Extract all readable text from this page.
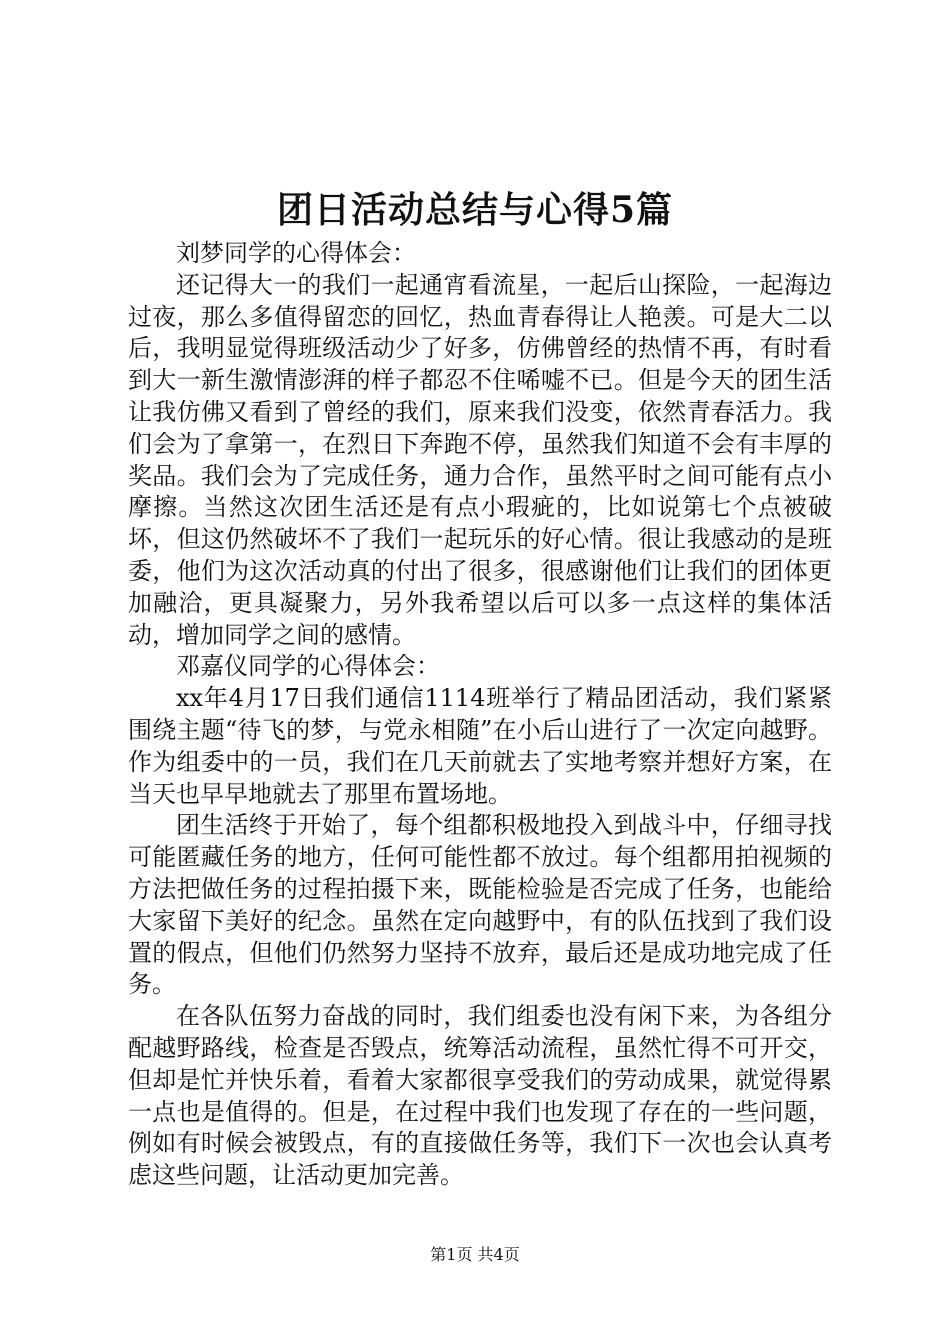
团日活动总结与心得5篇

刘梦同学的心得体会：

还记得大一的我们一起通宵看流星，一起后山探险，一起海边过夜，那么多值得留恋的回忆，热血青春得让人艳羡。可是大二以后，我明显觉得班级活动少了好多，仿佛曾经的热情不再，有时看到大一新生激情澎湃的样子都忍不住唏嘘不已。但是今天的团生活让我仿佛又看到了曾经的我们，原来我们没变，依然青春活力。我们会为了拿第一，在烈日下奔跑不停，虽然我们知道不会有丰厚的奖品。我们会为了完成任务，通力合作，虽然平时之间可能有点小摩擦。当然这次团生活还是有点小瑕疵的，比如说第七个点被破坏，但这仍然破坏不了我们一起玩乐的好心情。很让我感动的是班委，他们为这次活动真的付出了很多，很感谢他们让我们的团体更加融洽，更具凝聚力，另外我希望以后可以多一点这样的集体活动，增加同学之间的感情。

邓嘉仪同学的心得体会：

xx年4月17日我们通信1114班举行了精品团活动，我们紧紧围绕主题“待飞的梦，与党永相随”在小后山进行了一次定向越野。作为组委中的一员，我们在几天前就去了实地考察并想好方案，在当天也早早地就去了那里布置场地。

团生活终于开始了，每个组都积极地投入到战斗中，仔细寻找可能匿藏任务的地方，任何可能性都不放过。每个组都用拍视频的方法把做任务的过程拍摄下来，既能检验是否完成了任务，也能给大家留下美好的纪念。虽然在定向越野中，有的队伍找到了我们设置的假点，但他们仍然努力坚持不放弃，最后还是成功地完成了任务。

在各队伍努力奋战的同时，我们组委也没有闲下来，为各组分配越野路线，检查是否毁点，统筹活动流程，虽然忙得不可开交，但却是忙并快乐着，看着大家都很享受我们的劳动成果，就觉得累一点也是值得的。但是，在过程中我们也发现了存在的一些问题，例如有时候会被毁点，有的直接做任务等，我们下一次也会认真考虑这些问题，让活动更加完善。

第1页 共4页
